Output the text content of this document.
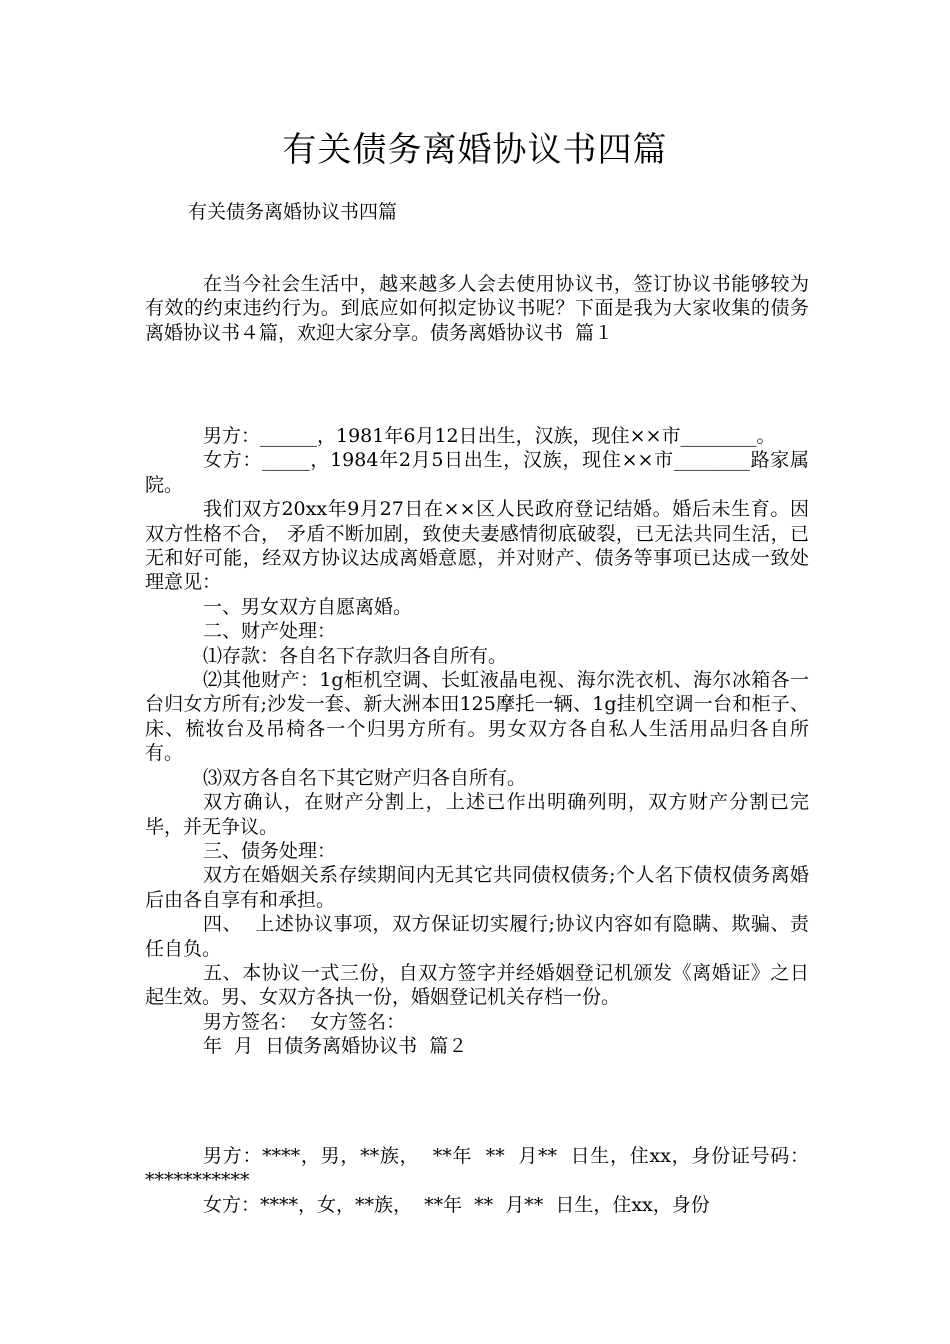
有关债务离婚协议书四篇
有关债务离婚协议书四篇

在当今社会生活中，越来越多人会去使用协议书，签订协议书能够较为有效的约束违约行为。到底应如何拟定协议书呢？下面是我为大家收集的债务离婚协议书４篇，欢迎大家分享。债务离婚协议书  篇１

男方：______，1981年6月12日出生，汉族，现住××市________。

女方：_____，1984年2月5日出生，汉族，现住××市________路家属院。

我们双方20xx年9月27日在××区人民政府登记结婚。婚后未生育。因双方性格不合， 矛盾不断加剧，致使夫妻感情彻底破裂，已无法共同生活，已无和好可能，经双方协议达成离婚意愿，并对财产、债务等事项已达成一致处理意见：

一、男女双方自愿离婚。

二、财产处理：

⑴存款：各自名下存款归各自所有。

⑵其他财产：1g柜机空调、长虹液晶电视、海尔洗衣机、海尔冰箱各一台归女方所有;沙发一套、新大洲本田125摩托一辆、1g挂机空调一台和柜子、床、梳妆台及吊椅各一个归男方所有。男女双方各自私人生活用品归各自所有。

⑶双方各自名下其它财产归各自所有。

双方确认，在财产分割上，上述已作出明确列明，双方财产分割已完毕，并无争议。

三、债务处理：

双方在婚姻关系存续期间内无其它共同债权债务;个人名下债权债务离婚后由各自享有和承担。

四、  上述协议事项，双方保证切实履行;协议内容如有隐瞒、欺骗、责任自负。

五、本协议一式三份，自双方签字并经婚姻登记机颁发《离婚证》之日起生效。男、女双方各执一份，婚姻登记机关存档一份。

男方签名：  女方签名：

年  月  日债务离婚协议书  篇２

男方：****，男，**族，  **年  **  月**  日生，住xx，身份证号码：***********

女方：****，女，**族，  **年  **  月**  日生，住xx，身份
